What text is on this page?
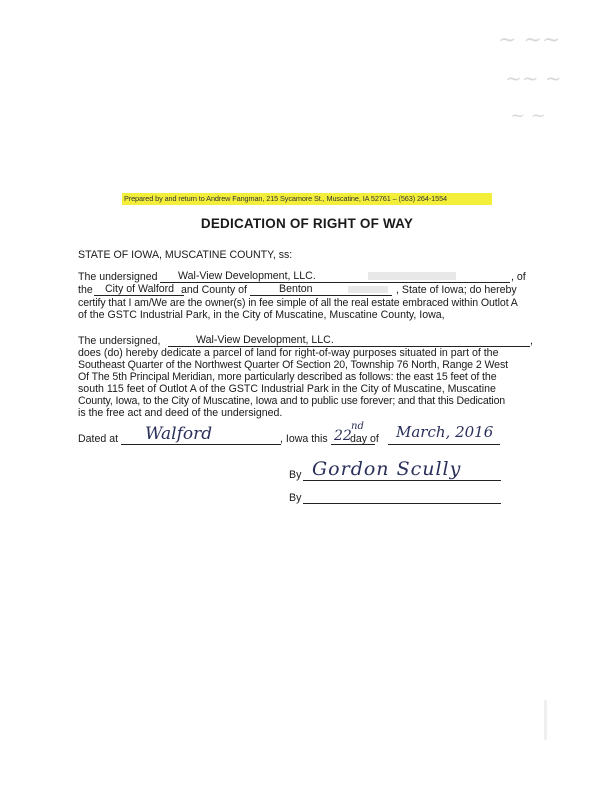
~ ~~
~~ ~
~ ~
Prepared by and return to Andrew Fangman, 215 Sycamore St., Muscatine, IA 52761 – (563) 264-1554
DEDICATION OF RIGHT OF WAY
STATE OF IOWA, MUSCATINE COUNTY, ss:
The undersigned Wal-View Development, LLC.	, of
the City of Walford and County of	Benton	, State of Iowa; do hereby
certify that I am/We are the owner(s) in fee simple of all the real estate embraced within Outlot A
of the GSTC Industrial Park, in the City of Muscatine, Muscatine County, Iowa,
The undersigned,	Wal-View Development, LLC.	,
does (do) hereby dedicate a parcel of land for right-of-way purposes situated in part of the
Southeast Quarter of the Northwest Quarter Of Section 20, Township 76 North, Range 2 West
Of The 5th Principal Meridian, more particularly described as follows: the east 15 feet of the
south 115 feet of Outlot A of the GSTC Industrial Park in the City of Muscatine, Muscatine
County, Iowa, to the City of Muscatine, Iowa and to public use forever; and that this Dedication
is the free act and deed of the undersigned.
Dated at Walford	, Iowa this 22
nd
day of March, 2016
By Gordon Scully
By
